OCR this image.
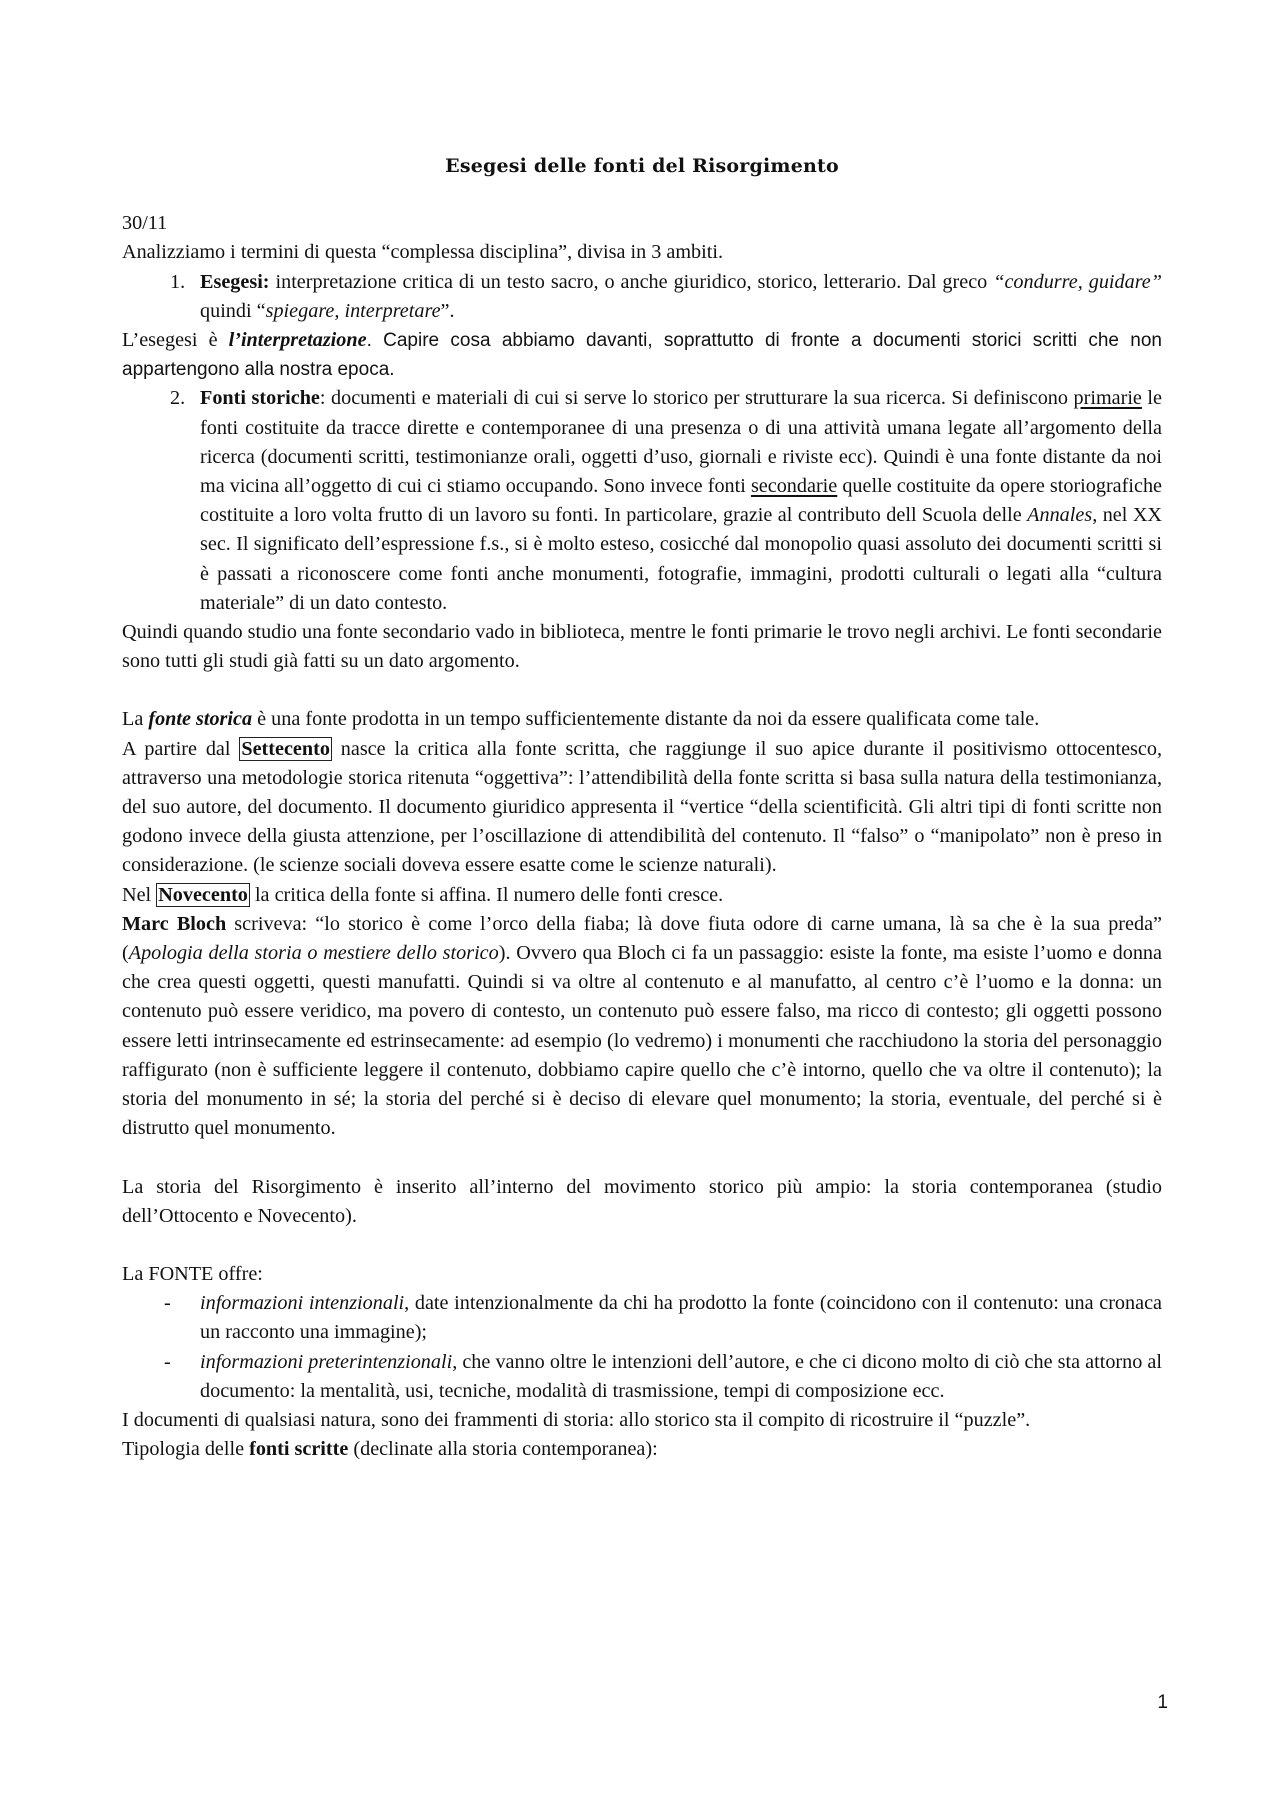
Esegesi delle fonti del Risorgimento

30/11

Analizziamo i termini di questa “complessa disciplina”, divisa in 3 ambiti.

1. Esegesi: interpretazione critica di un testo sacro, o anche giuridico, storico, letterario. Dal greco “condurre, guidare” quindi “spiegare, interpretare”.

L’esegesi è l’interpretazione. Capire cosa abbiamo davanti, soprattutto di fronte a documenti storici scritti che non appartengono alla nostra epoca.

2. Fonti storiche: documenti e materiali di cui si serve lo storico per strutturare la sua ricerca. Si definiscono primarie le fonti costituite da tracce dirette e contemporanee di una presenza o di una attività umana legate all’argomento della ricerca (documenti scritti, testimonianze orali, oggetti d’uso, giornali e riviste ecc). Quindi è una fonte distante da noi ma vicina all’oggetto di cui ci stiamo occupando. Sono invece fonti secondarie quelle costituite da opere storiografiche costituite a loro volta frutto di un lavoro su fonti. In particolare, grazie al contributo dell Scuola delle Annales, nel XX sec. Il significato dell’espressione f.s., si è molto esteso, cosicché dal monopolio quasi assoluto dei documenti scritti si è passati a riconoscere come fonti anche monumenti, fotografie, immagini, prodotti culturali o legati alla “cultura materiale” di un dato contesto.

Quindi quando studio una fonte secondario vado in biblioteca, mentre le fonti primarie le trovo negli archivi. Le fonti secondarie sono tutti gli studi già fatti su un dato argomento.

La fonte storica è una fonte prodotta in un tempo sufficientemente distante da noi da essere qualificata come tale.

A partire dal Settecento nasce la critica alla fonte scritta, che raggiunge il suo apice durante il positivismo ottocentesco, attraverso una metodologie storica ritenuta “oggettiva”: l’attendibilità della fonte scritta si basa sulla natura della testimonianza, del suo autore, del documento. Il documento giuridico appresenta il “vertice “della scientificità. Gli altri tipi di fonti scritte non godono invece della giusta attenzione, per l’oscillazione di attendibilità del contenuto. Il “falso” o “manipolato” non è preso in considerazione. (le scienze sociali doveva essere esatte come le scienze naturali).

Nel Novecento la critica della fonte si affina. Il numero delle fonti cresce.

Marc Bloch scriveva: “lo storico è come l’orco della fiaba; là dove fiuta odore di carne umana, là sa che è la sua preda” (Apologia della storia o mestiere dello storico). Ovvero qua Bloch ci fa un passaggio: esiste la fonte, ma esiste l’uomo e donna che crea questi oggetti, questi manufatti. Quindi si va oltre al contenuto e al manufatto, al centro c’è l’uomo e la donna: un contenuto può essere veridico, ma povero di contesto, un contenuto può essere falso, ma ricco di contesto; gli oggetti possono essere letti intrinsecamente ed estrinsecamente: ad esempio (lo vedremo) i monumenti che racchiudono la storia del personaggio raffigurato (non è sufficiente leggere il contenuto, dobbiamo capire quello che c’è intorno, quello che va oltre il contenuto); la storia del monumento in sé; la storia del perché si è deciso di elevare quel monumento; la storia, eventuale, del perché si è distrutto quel monumento.

La storia del Risorgimento è inserito all’interno del movimento storico più ampio: la storia contemporanea (studio dell’Ottocento e Novecento).

La FONTE offre:

- informazioni intenzionali, date intenzionalmente da chi ha prodotto la fonte (coincidono con il contenuto: una cronaca un racconto una immagine);
- informazioni preterintenzionali, che vanno oltre le intenzioni dell’autore, e che ci dicono molto di ciò che sta attorno al documento: la mentalità, usi, tecniche, modalità di trasmissione, tempi di composizione ecc.

I documenti di qualsiasi natura, sono dei frammenti di storia: allo storico sta il compito di ricostruire il “puzzle”.

Tipologia delle fonti scritte (declinate alla storia contemporanea):

1
